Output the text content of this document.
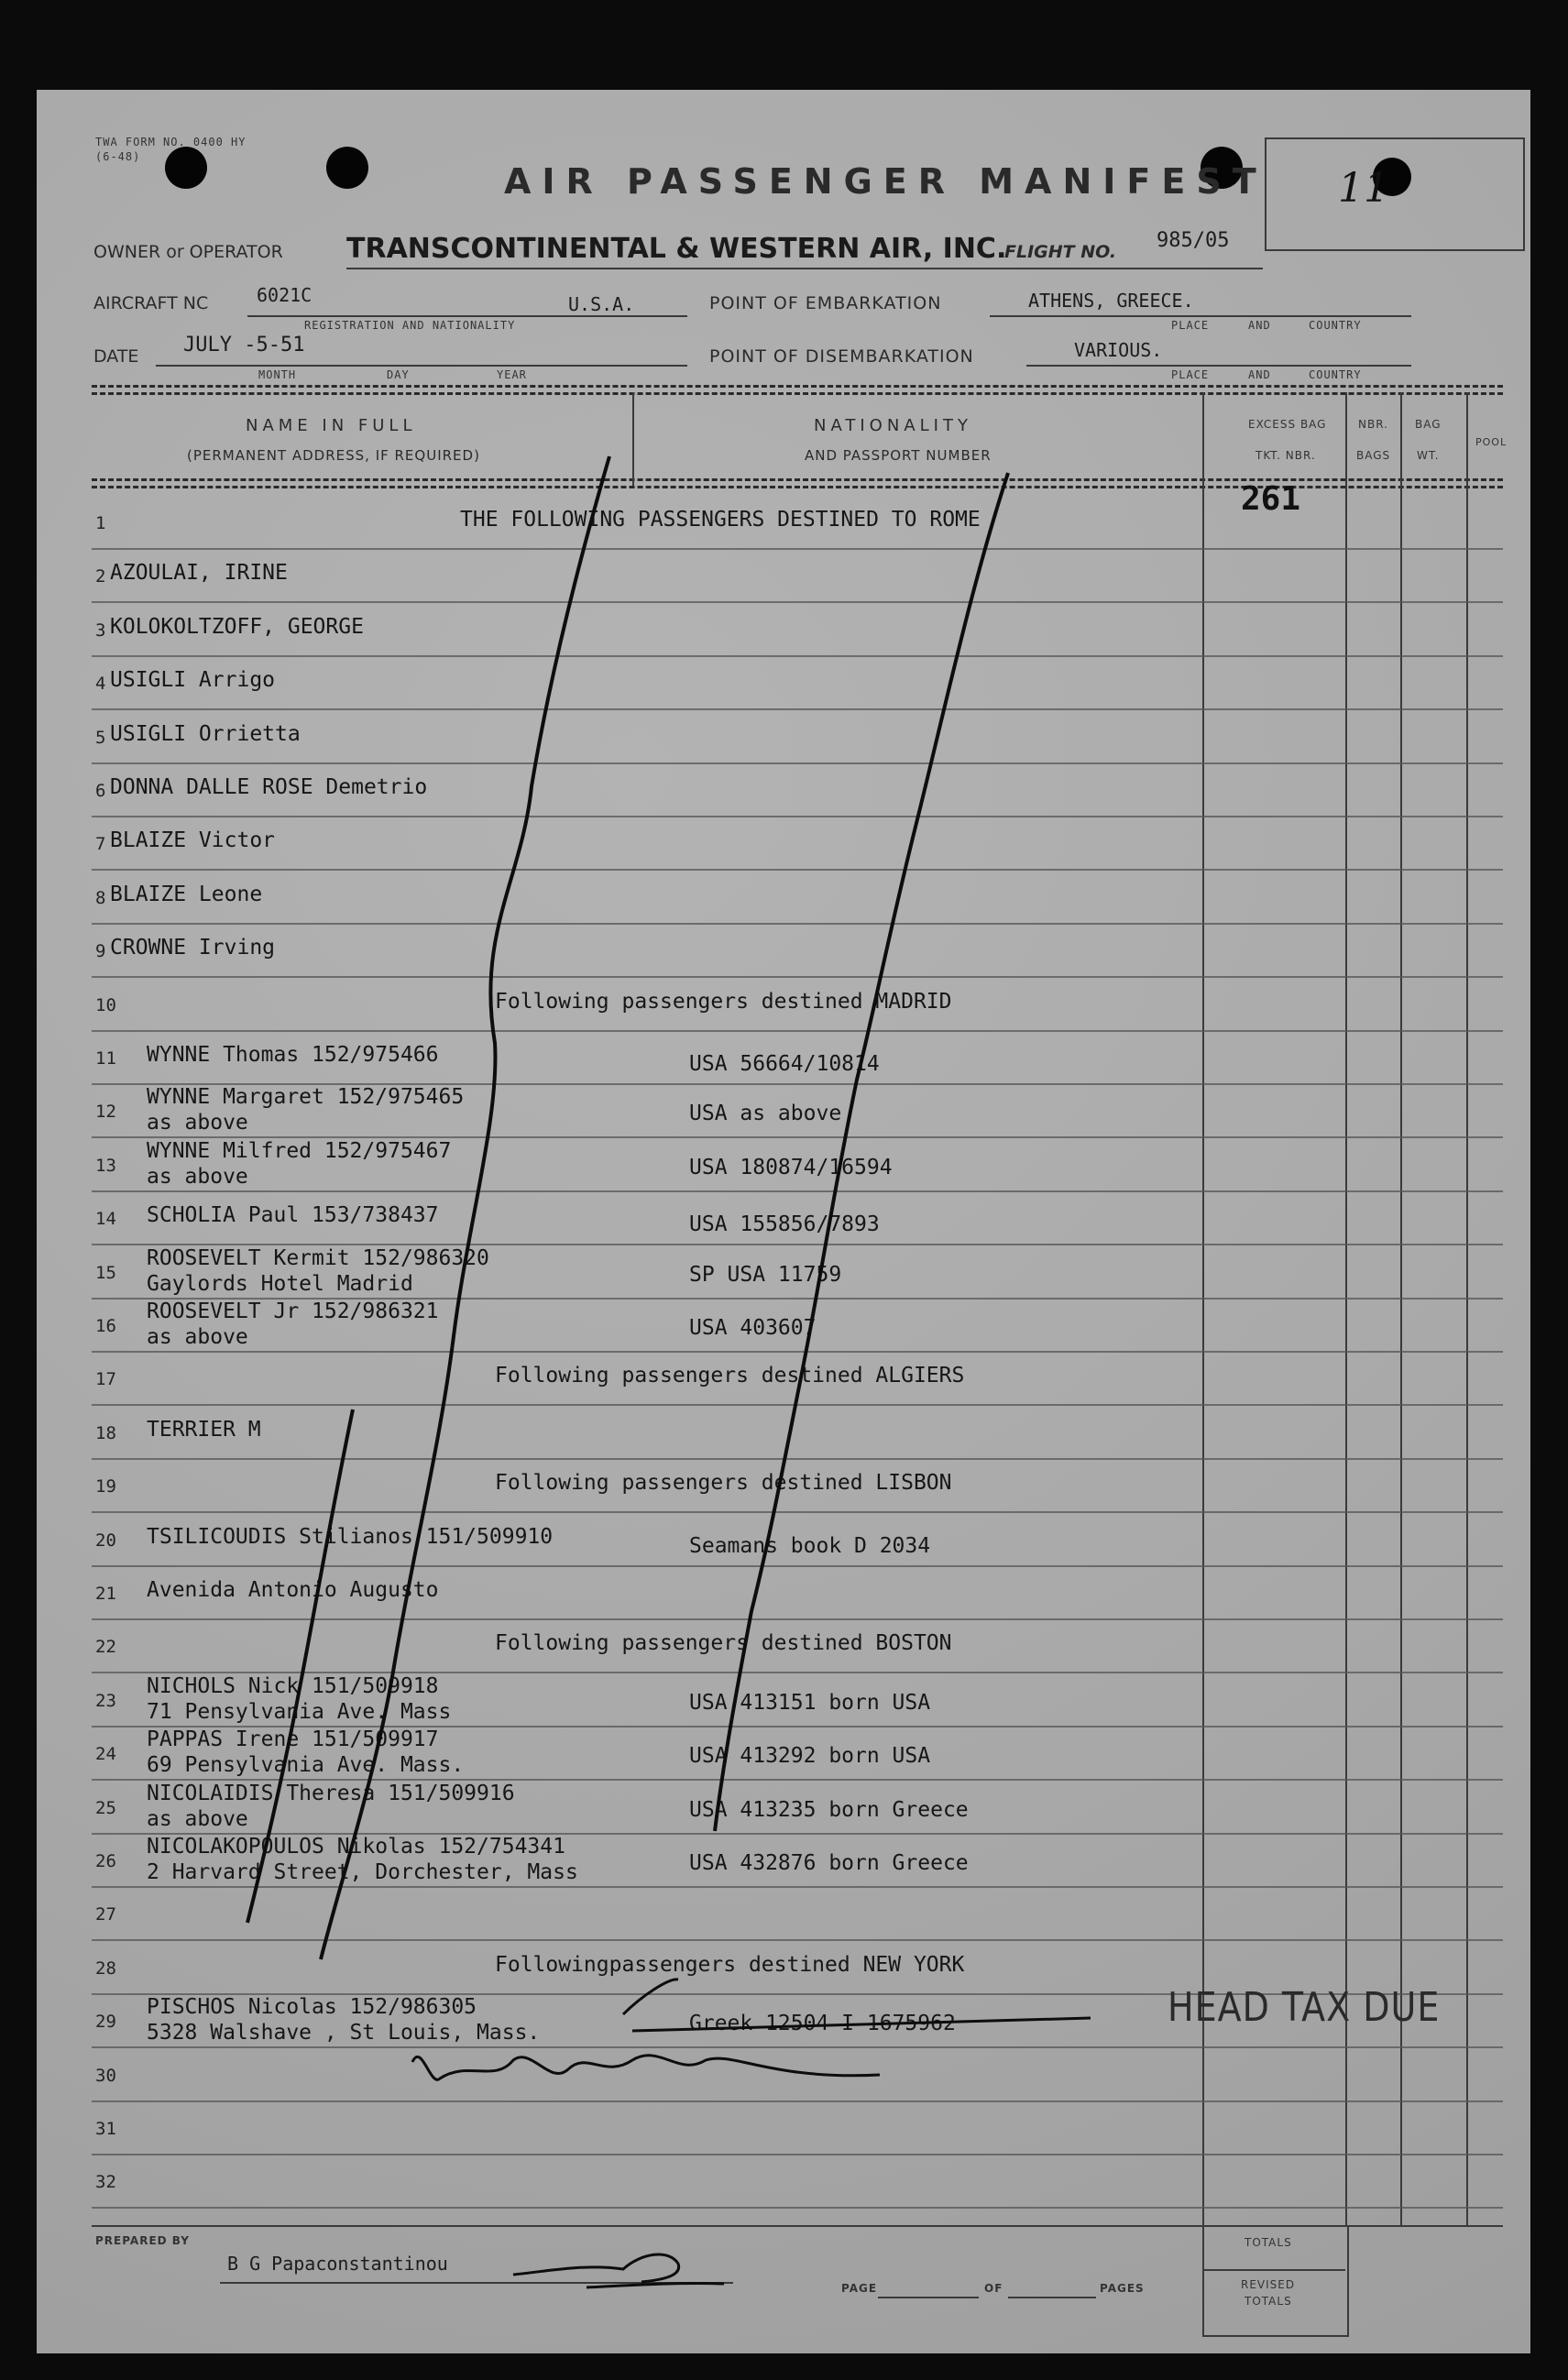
11
TWA FORM NO. 0400 HY
(6-48)
AIR PASSENGER MANIFEST
OWNER or OPERATOR TRANSCONTINENTAL & WESTERN AIR, INC.
FLIGHT NO. 985/05
AIRCRAFT NC	6021C	U.S.A.
REGISTRATION AND NATIONALITY
POINT OF EMBARKATION	ATHENS, GREECE.
PLACE	AND	COUNTRY
DATE JULY -5-51
MONTH	DAY	YEAR
POINT OF DISEMBARKATION	VARIOUS.
PLACE	AND	COUNTRY
NAME IN FULL
(PERMANENT ADDRESS, IF REQUIRED)
NATIONALITY
AND PASSPORT NUMBER
EXCESS BAG
TKT. NBR.
NBR.
BAGS
BAG
WT.
POOL
261
1	THE FOLLOWING PASSENGERS DESTINED TO ROME
2 AZOULAI, IRINE
3 KOLOKOLTZOFF, GEORGE
4 USIGLI Arrigo
5 USIGLI Orrietta
6 DONNA DALLE ROSE Demetrio
7 BLAIZE Victor
8 BLAIZE Leone
9 CROWNE Irving
10	Following passengers destined MADRID
11 WYNNE Thomas 152/975466	USA 56664/10814
12
WYNNE Margaret 152/975465
as above	USA as above
13
WYNNE Milfred 152/975467
as above	USA 180874/16594
14 SCHOLIA Paul 153/738437	USA 155856/7893
15
ROOSEVELT Kermit 152/986320
Gaylords Hotel Madrid	SP USA 11759
16
ROOSEVELT Jr 152/986321
as above	USA 403607
17	Following passengers destined ALGIERS
18 TERRIER M
19	Following passengers destined LISBON
20 TSILICOUDIS Stilianos 151/509910	Seamans book D 2034
21 Avenida Antonio Augusto
22	Following passengers destined BOSTON
23
NICHOLS Nick 151/509918
71 Pensylvania Ave. Mass	USA 413151 born USA
24
PAPPAS Irene 151/509917
69 Pensylvania Ave. Mass.	USA 413292 born USA
25
NICOLAIDIS Theresa 151/509916
as above	USA 413235 born Greece
26
NICOLAKOPOULOS Nikolas 152/754341
2 Harvard Street, Dorchester, Mass	USA 432876 born Greece
27
28	Followingpassengers destined NEW YORK
29
PISCHOS Nicolas 152/986305
5328 Walshave , St Louis, Mass.	Greek 12504 I 1675962
30
31
32
HEAD TAX DUE
PREPARED BY
B G Papaconstantinou
PAGE	OF	PAGES
TOTALS
REVISED
TOTALS
